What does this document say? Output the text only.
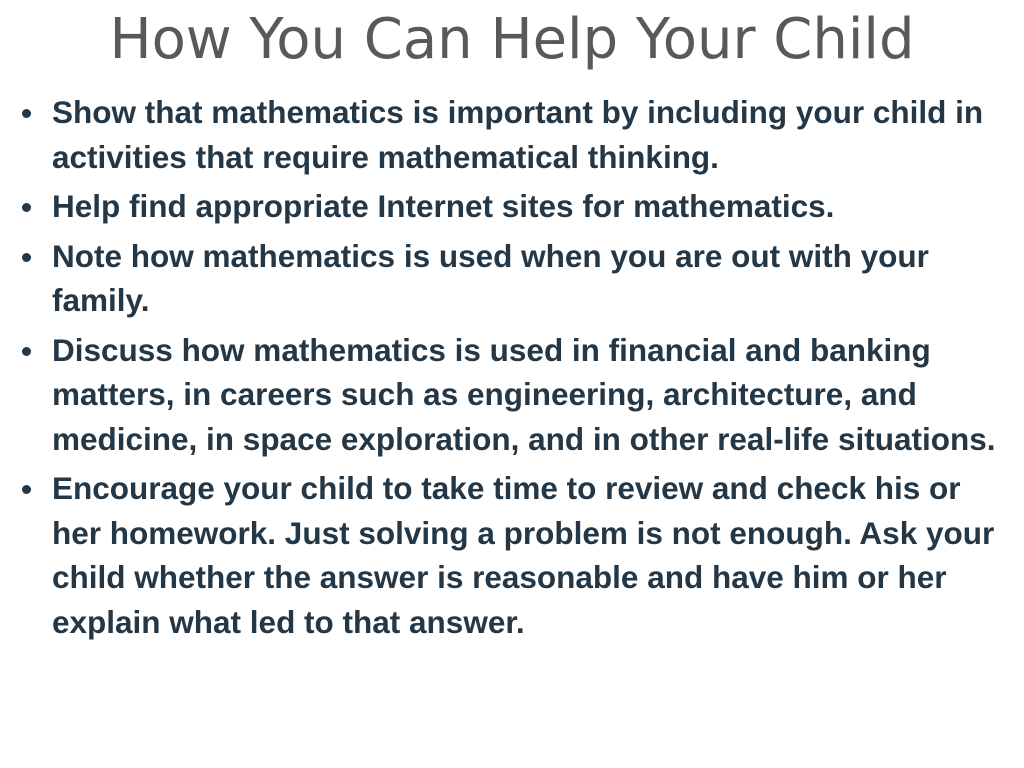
How You Can Help Your Child
Show that mathematics is important by including your child in activities that require mathematical thinking.
Help find appropriate Internet sites for mathematics.
Note how mathematics is used when you are out with your family.
Discuss how mathematics is used in financial and banking matters, in careers such as engineering, architecture, and medicine, in space exploration, and in other real-life situations.
Encourage your child to take time to review and check his or her homework. Just solving a problem is not enough. Ask your child whether the answer is reasonable and have him or her explain what led to that answer.
